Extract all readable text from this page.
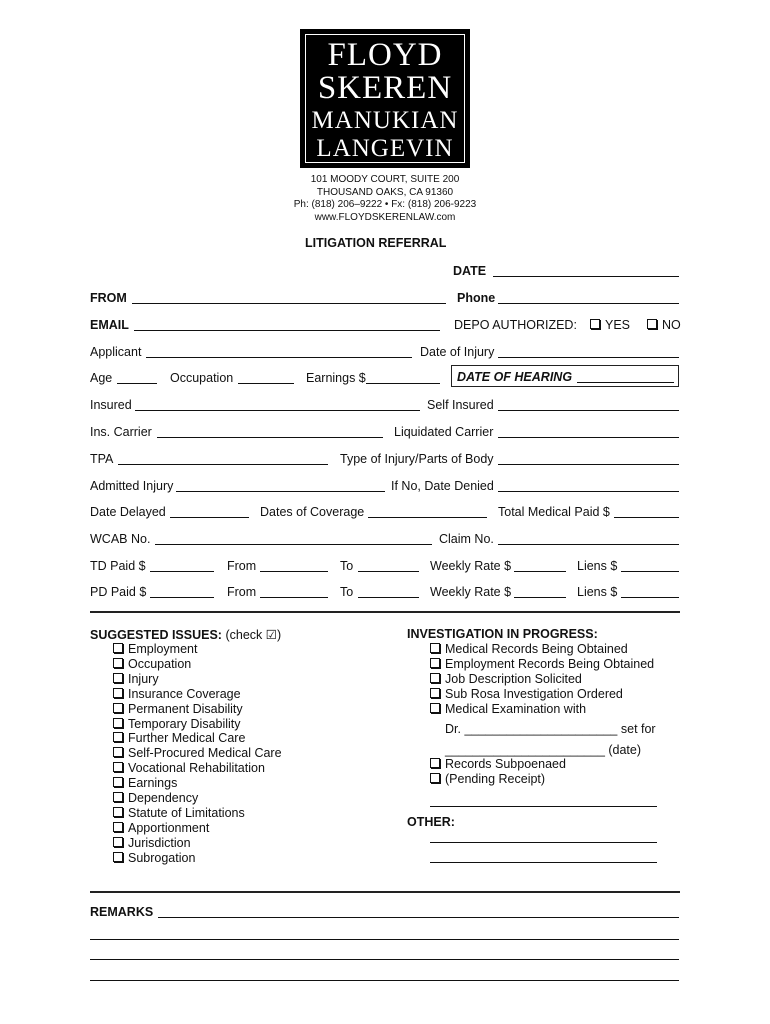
FLOYD
SKEREN
MANUKIAN
LANGEVIN
101 MOODY COURT, SUITE 200
THOUSAND OAKS, CA 91360
Ph: (818) 206–9222 • Fx: (818) 206-9223
www.FLOYDSKERENLAW.com
LITIGATION REFERRAL
DATE
FROM	Phone
EMAIL	DEPO AUTHORIZED:	YES	NO
Applicant	Date of Injury
Age	Occupation	Earnings $	DATE OF HEARING
Insured	Self Insured
Ins. Carrier	Liquidated Carrier
TPA	Type of Injury/Parts of Body
Admitted Injury	If No, Date Denied
Date Delayed	Dates of Coverage	Total Medical Paid $
WCAB No.	Claim No.
TD Paid $	From	To	Weekly Rate $	Liens $
PD Paid $	From	To	Weekly Rate $	Liens $
SUGGESTED ISSUES: (check ☑)
Employment
Occupation
Injury
Insurance Coverage
Permanent Disability
Temporary Disability
Further Medical Care
Self-Procured Medical Care
Vocational Rehabilitation
Earnings
Dependency
Statute of Limitations
Apportionment
Jurisdiction
Subrogation
INVESTIGATION IN PROGRESS:
Medical Records Being Obtained
Employment Records Being Obtained
Job Description Solicited
Sub Rosa Investigation Ordered
Medical Examination with
Dr. ______________________ set for
_______________________ (date)
Records Subpoenaed
(Pending Receipt)
OTHER:
REMARKS
